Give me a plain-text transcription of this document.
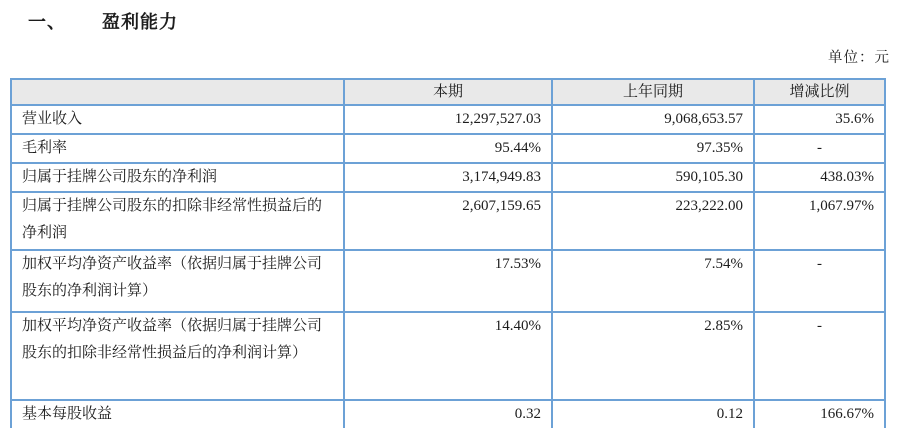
一、 盈利能力
单位：元
	本期	上年同期	增减比例
营业收入	12,297,527.03	9,068,653.57	35.6%
毛利率	95.44%	97.35%	-
归属于挂牌公司股东的净利润	3,174,949.83	590,105.30	438.03%
归属于挂牌公司股东的扣除非经常性损益后的净利润	2,607,159.65	223,222.00	1,067.97%
加权平均净资产收益率（依据归属于挂牌公司股东的净利润计算）	17.53%	7.54%	-
加权平均净资产收益率（依据归属于挂牌公司股东的扣除非经常性损益后的净利润计算）	14.40%	2.85%	-
基本每股收益	0.32	0.12	166.67%
